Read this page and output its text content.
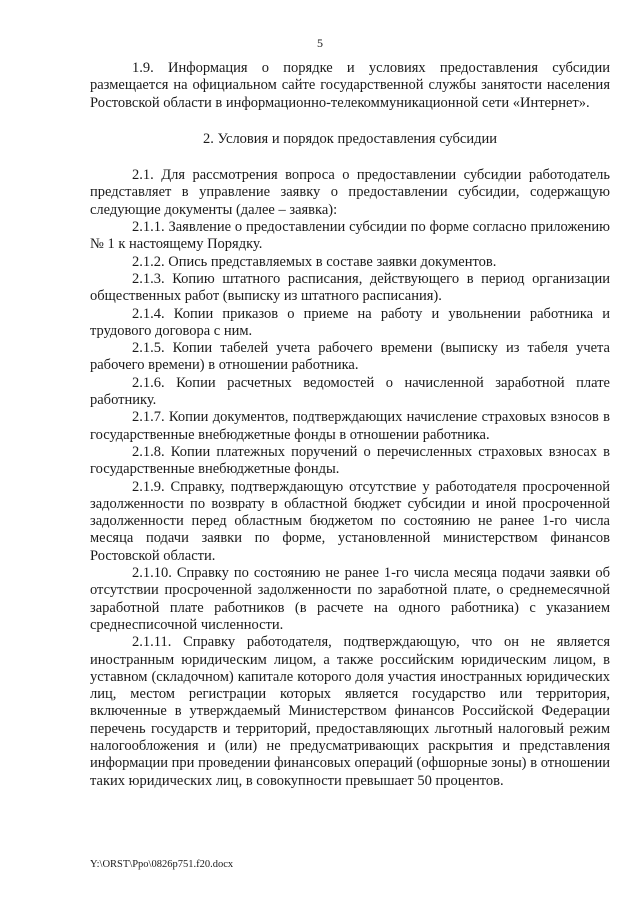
5

1.9. Информация о порядке и условиях предоставления субсидии размещается на официальном сайте государственной службы занятости населения Ростовской области в информационно-телекоммуникационной сети «Интернет».

2. Условия и порядок предоставления субсидии

2.1. Для рассмотрения вопроса о предоставлении субсидии работодатель представляет в управление заявку о предоставлении субсидии, содержащую следующие документы (далее – заявка):

2.1.1. Заявление о предоставлении субсидии по форме согласно приложению № 1 к настоящему Порядку.

2.1.2. Опись представляемых в составе заявки документов.

2.1.3. Копию штатного расписания, действующего в период организации общественных работ (выписку из штатного расписания).

2.1.4. Копии приказов о приеме на работу и увольнении работника и трудового договора с ним.

2.1.5. Копии табелей учета рабочего времени (выписку из табеля учета рабочего времени) в отношении работника.

2.1.6. Копии расчетных ведомостей о начисленной заработной плате работнику.

2.1.7. Копии документов, подтверждающих начисление страховых взносов в государственные внебюджетные фонды в отношении работника.

2.1.8. Копии платежных поручений о перечисленных страховых взносах в государственные внебюджетные фонды.

2.1.9. Справку, подтверждающую отсутствие у работодателя просроченной задолженности по возврату в областной бюджет субсидии и иной просроченной задолженности перед областным бюджетом по состоянию не ранее 1-го числа месяца подачи заявки по форме, установленной министерством финансов Ростовской области.

2.1.10. Справку по состоянию не ранее 1-го числа месяца подачи заявки об отсутствии просроченной задолженности по заработной плате, о среднемесячной заработной плате работников (в расчете на одного работника) с указанием среднесписочной численности.

2.1.11. Справку работодателя, подтверждающую, что он не является иностранным юридическим лицом, а также российским юридическим лицом, в уставном (складочном) капитале которого доля участия иностранных юридических лиц, местом регистрации которых является государство или территория, включенные в утверждаемый Министерством финансов Российской Федерации перечень государств и территорий, предоставляющих льготный налоговый режим налогообложения и (или) не предусматривающих раскрытия и представления информации при проведении финансовых операций (офшорные зоны) в отношении таких юридических лиц, в совокупности превышает 50 процентов.

Y:\ORST\Ppo\0826p751.f20.docx
